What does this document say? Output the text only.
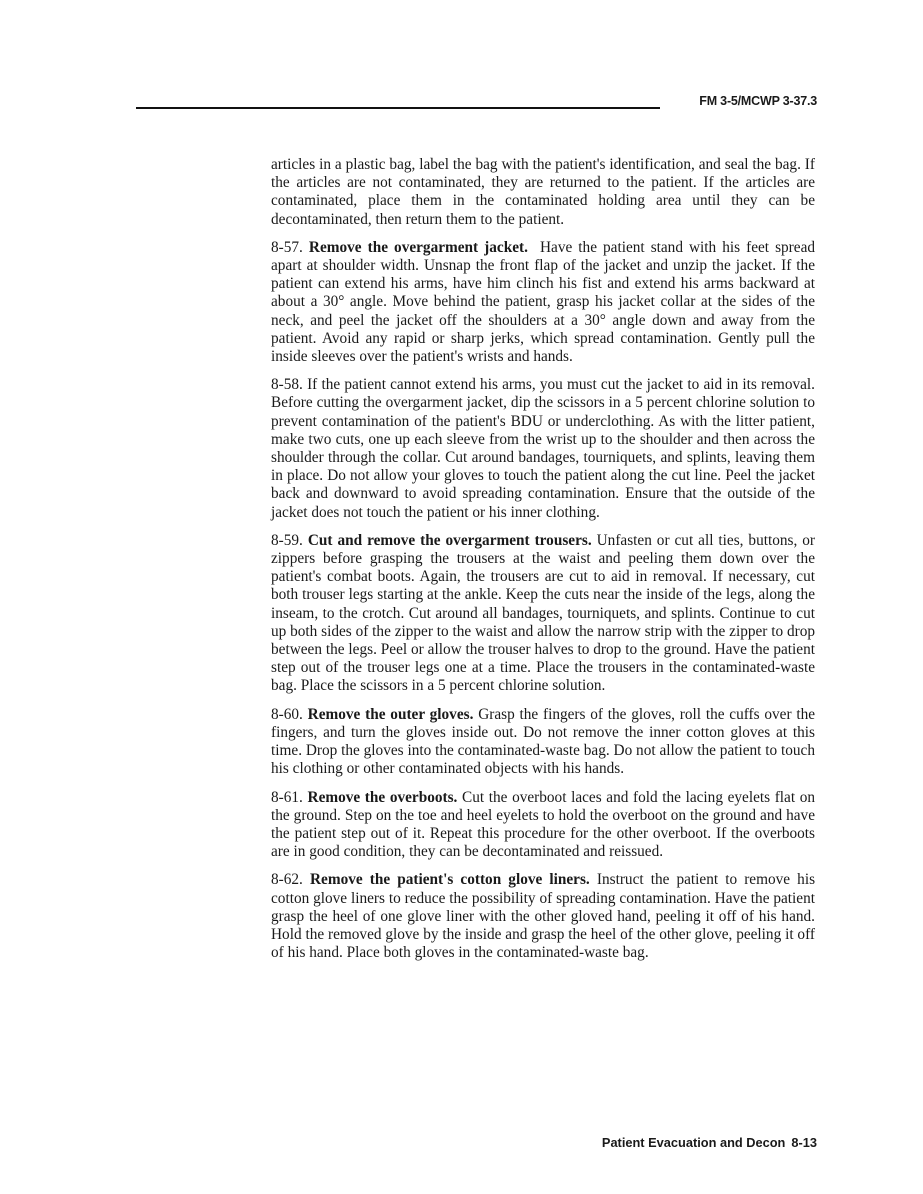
FM 3-5/MCWP 3-37.3

articles in a plastic bag, label the bag with the patient's identification, and seal the bag. If the articles are not contaminated, they are returned to the patient. If the articles are contaminated, place them in the contaminated holding area until they can be decontaminated, then return them to the patient.

8-57. Remove the overgarment jacket. Have the patient stand with his feet spread apart at shoulder width. Unsnap the front flap of the jacket and unzip the jacket. If the patient can extend his arms, have him clinch his fist and extend his arms backward at about a 30° angle. Move behind the patient, grasp his jacket collar at the sides of the neck, and peel the jacket off the shoulders at a 30° angle down and away from the patient. Avoid any rapid or sharp jerks, which spread contamination. Gently pull the inside sleeves over the patient's wrists and hands.

8-58. If the patient cannot extend his arms, you must cut the jacket to aid in its removal. Before cutting the overgarment jacket, dip the scissors in a 5 percent chlorine solution to prevent contamination of the patient's BDU or underclothing. As with the litter patient, make two cuts, one up each sleeve from the wrist up to the shoulder and then across the shoulder through the collar. Cut around bandages, tourniquets, and splints, leaving them in place. Do not allow your gloves to touch the patient along the cut line. Peel the jacket back and downward to avoid spreading contamination. Ensure that the outside of the jacket does not touch the patient or his inner clothing.

8-59. Cut and remove the overgarment trousers. Unfasten or cut all ties, buttons, or zippers before grasping the trousers at the waist and peeling them down over the patient's combat boots. Again, the trousers are cut to aid in removal. If necessary, cut both trouser legs starting at the ankle. Keep the cuts near the inside of the legs, along the inseam, to the crotch. Cut around all bandages, tourniquets, and splints. Continue to cut up both sides of the zipper to the waist and allow the narrow strip with the zipper to drop between the legs. Peel or allow the trouser halves to drop to the ground. Have the patient step out of the trouser legs one at a time. Place the trousers in the contaminated-waste bag. Place the scissors in a 5 percent chlorine solution.

8-60. Remove the outer gloves. Grasp the fingers of the gloves, roll the cuffs over the fingers, and turn the gloves inside out. Do not remove the inner cotton gloves at this time. Drop the gloves into the contaminated-waste bag. Do not allow the patient to touch his clothing or other contaminated objects with his hands.

8-61. Remove the overboots. Cut the overboot laces and fold the lacing eyelets flat on the ground. Step on the toe and heel eyelets to hold the overboot on the ground and have the patient step out of it. Repeat this procedure for the other overboot. If the overboots are in good condition, they can be decontaminated and reissued.

8-62. Remove the patient's cotton glove liners. Instruct the patient to remove his cotton glove liners to reduce the possibility of spreading contamination. Have the patient grasp the heel of one glove liner with the other gloved hand, peeling it off of his hand. Hold the removed glove by the inside and grasp the heel of the other glove, peeling it off of his hand. Place both gloves in the contaminated-waste bag.

Patient Evacuation and Decon 8-13
